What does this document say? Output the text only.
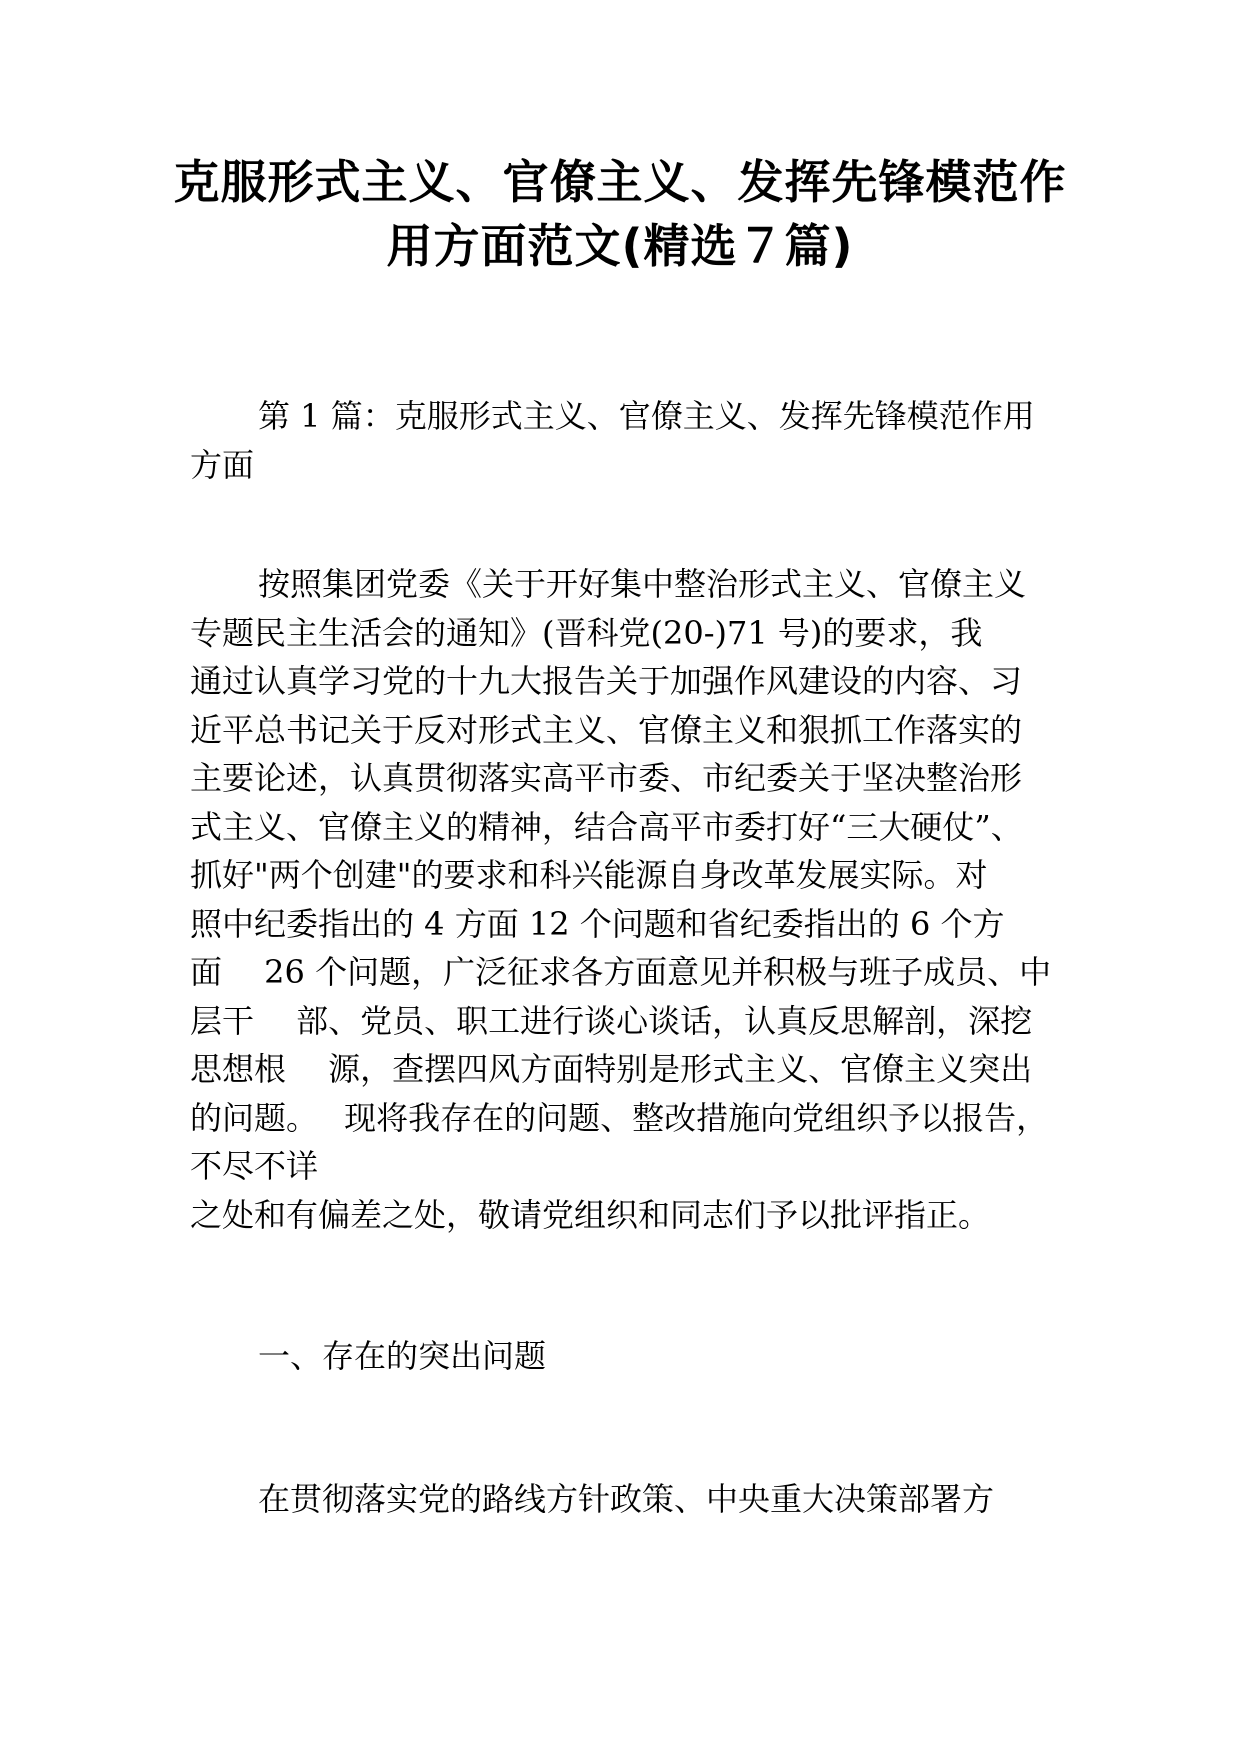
克服形式主义、官僚主义、发挥先锋模范作
用方面范文(精选７篇)
第 1 篇：克服形式主义、官僚主义、发挥先锋模范作用
方面
按照集团党委《关于开好集中整治形式主义、官僚主义
专题民主生活会的通知》(晋科党(20-)71 号)的要求，我
通过认真学习党的十九大报告关于加强作风建设的内容、习
近平总书记关于反对形式主义、官僚主义和狠抓工作落实的
主要论述，认真贯彻落实高平市委、市纪委关于坚决整治形
式主义、官僚主义的精神，结合高平市委打好“三大硬仗”、
抓好"两个创建"的要求和科兴能源自身改革发展实际。对
照中纪委指出的 4 方面 12 个问题和省纪委指出的 6 个方
面　 26 个问题，广泛征求各方面意见并积极与班子成员、中
层干　 部、党员、职工进行谈心谈话，认真反思解剖，深挖
思想根　 源，查摆四风方面特别是形式主义、官僚主义突出
的问题。　 现将我存在的问题、整改措施向党组织予以报告，
不尽不详
之处和有偏差之处，敬请党组织和同志们予以批评指正。
一、存在的突出问题
在贯彻落实党的路线方针政策、中央重大决策部署方
